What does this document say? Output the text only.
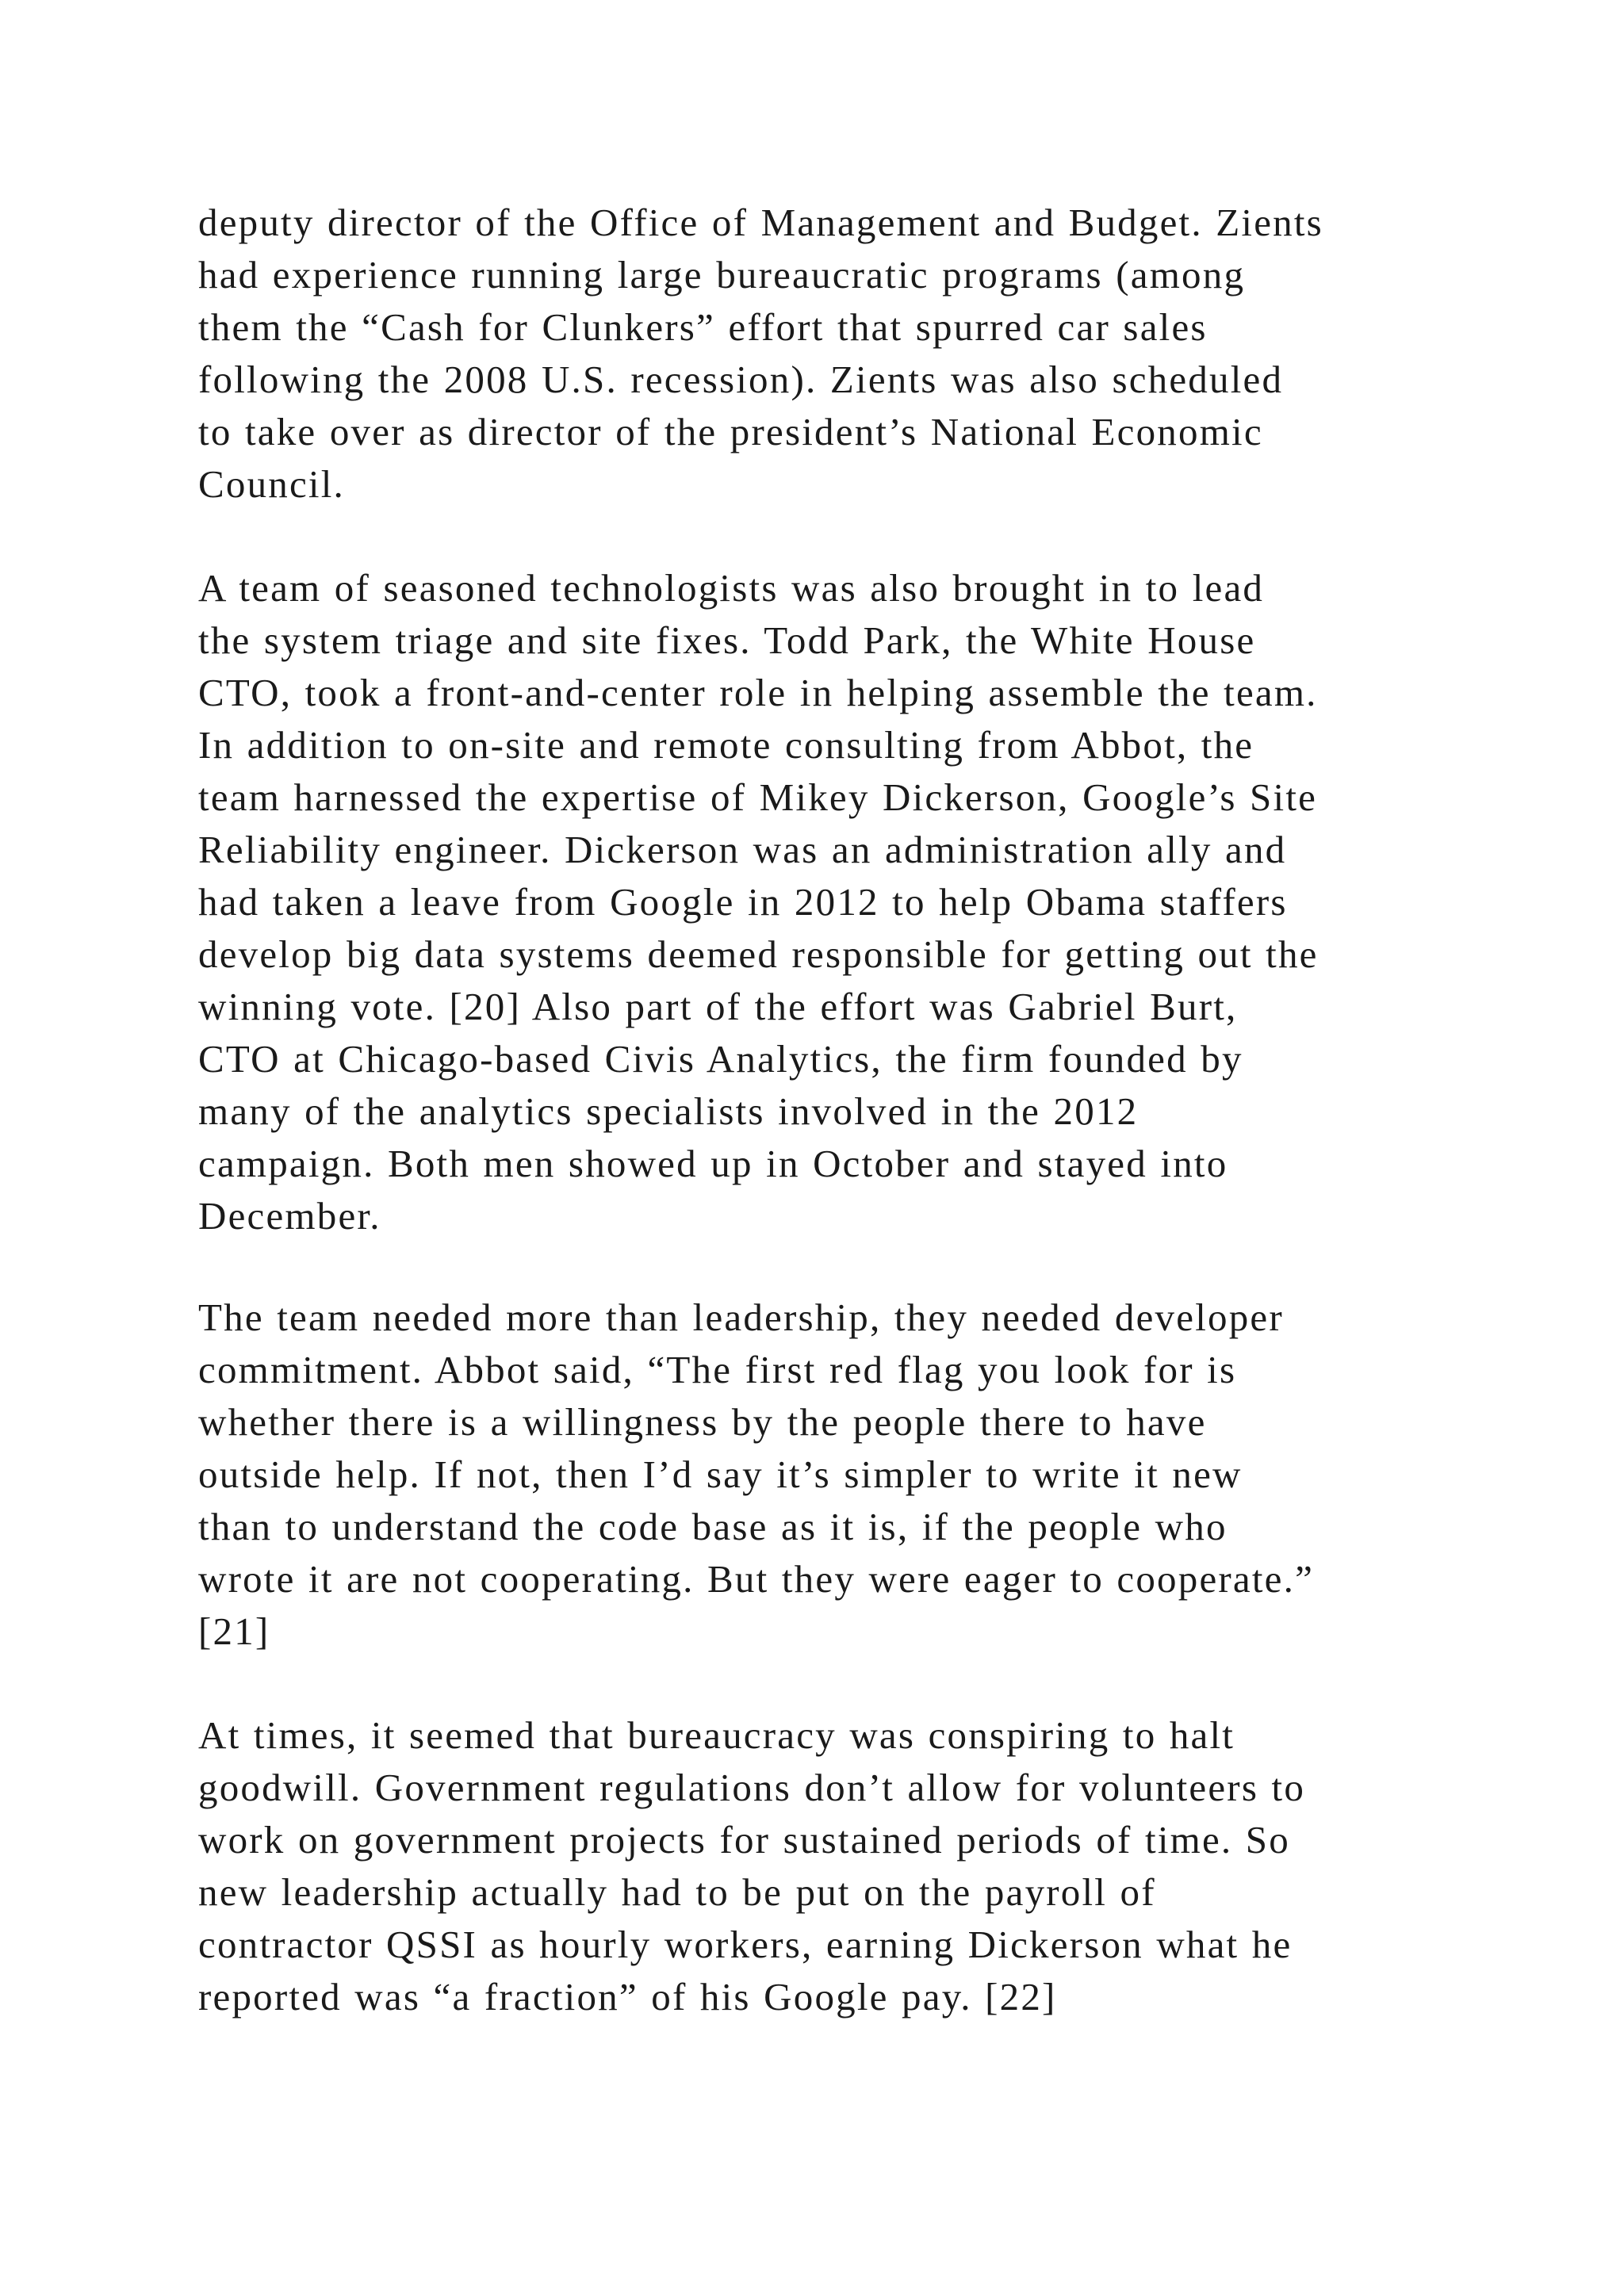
deputy director of the Office of Management and Budget. Zients
had experience running large bureaucratic programs (among
them the “Cash for Clunkers” effort that spurred car sales
following the 2008 U.S. recession). Zients was also scheduled
to take over as director of the president’s National Economic
Council.
A team of seasoned technologists was also brought in to lead
the system triage and site fixes. Todd Park, the White House
CTO, took a front-and-center role in helping assemble the team.
In addition to on-site and remote consulting from Abbot, the
team harnessed the expertise of Mikey Dickerson, Google’s Site
Reliability engineer. Dickerson was an administration ally and
had taken a leave from Google in 2012 to help Obama staffers
develop big data systems deemed responsible for getting out the
winning vote. [20] Also part of the effort was Gabriel Burt,
CTO at Chicago-based Civis Analytics, the firm founded by
many of the analytics specialists involved in the 2012
campaign. Both men showed up in October and stayed into
December.
The team needed more than leadership, they needed developer
commitment. Abbot said, “The first red flag you look for is
whether there is a willingness by the people there to have
outside help. If not, then I’d say it’s simpler to write it new
than to understand the code base as it is, if the people who
wrote it are not cooperating. But they were eager to cooperate.”
[21]
At times, it seemed that bureaucracy was conspiring to halt
goodwill. Government regulations don’t allow for volunteers to
work on government projects for sustained periods of time. So
new leadership actually had to be put on the payroll of
contractor QSSI as hourly workers, earning Dickerson what he
reported was “a fraction” of his Google pay. [22]
